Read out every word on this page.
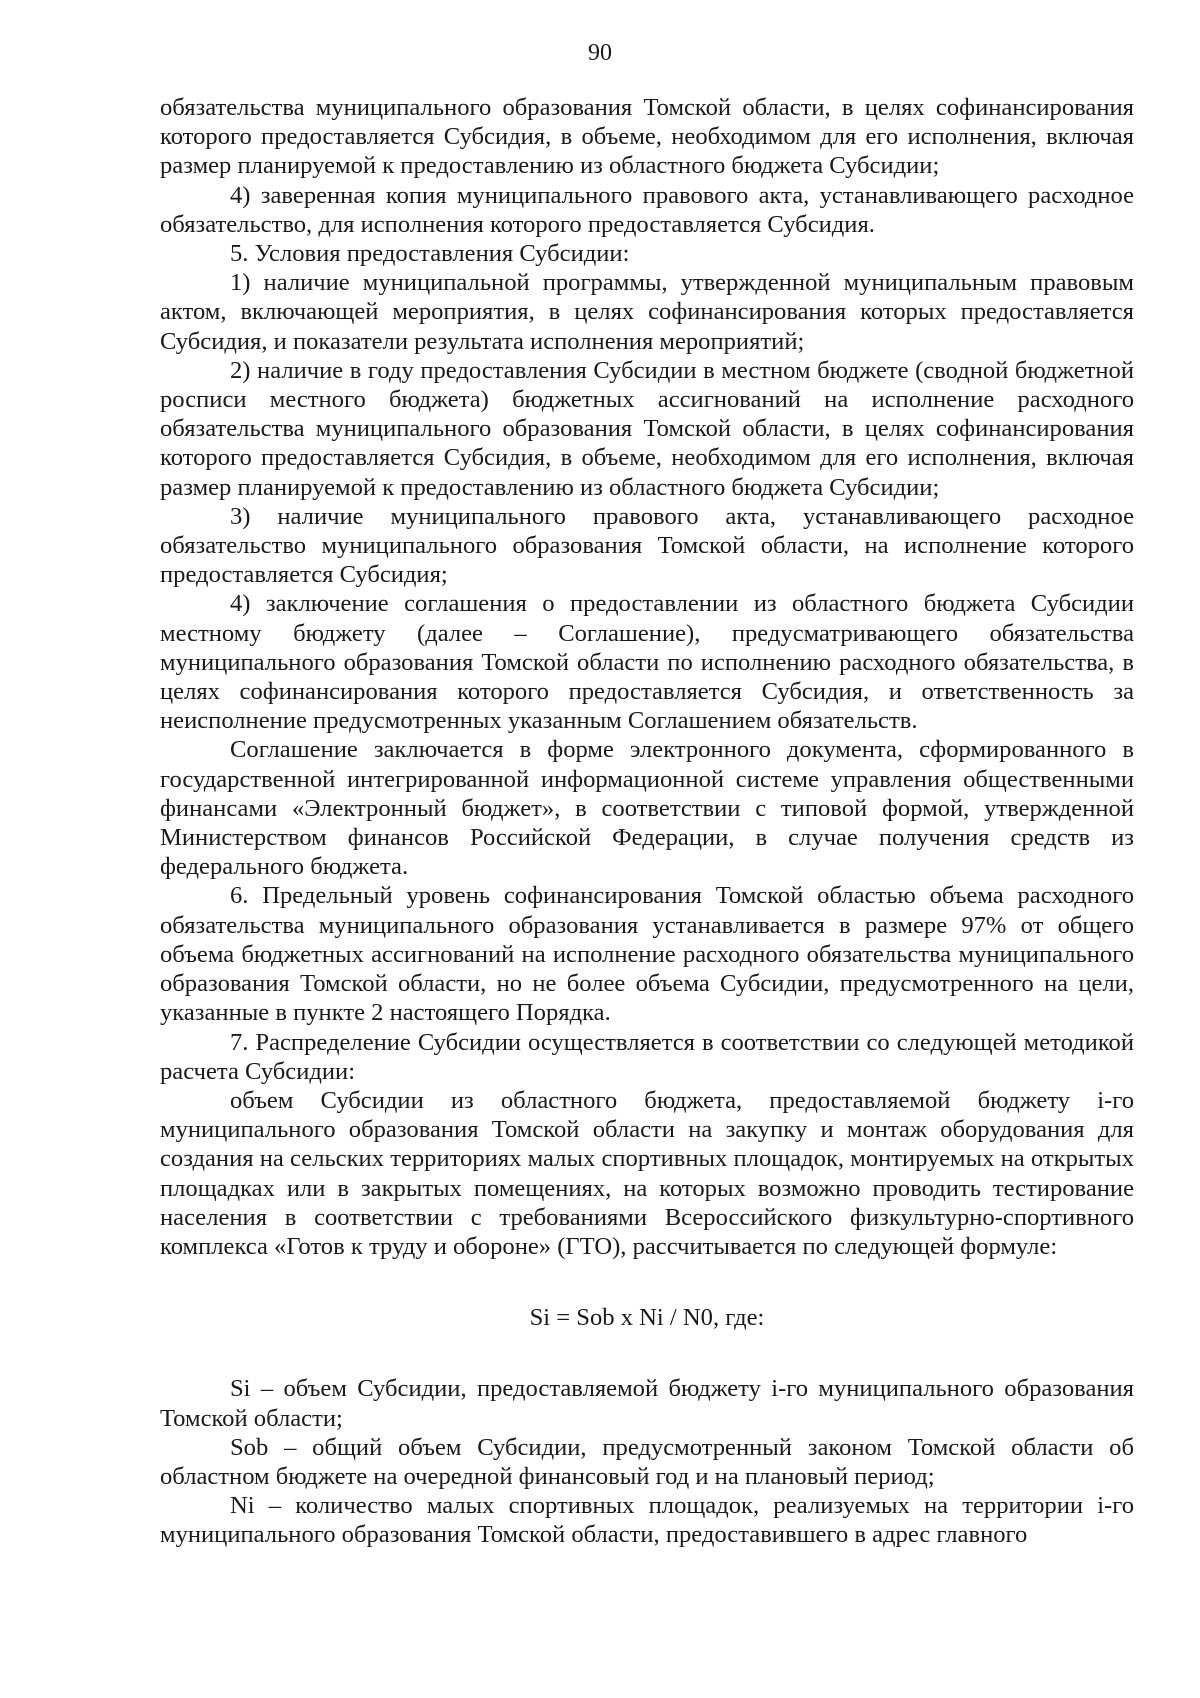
90

обязательства муниципального образования Томской области, в целях софинансирования которого предоставляется Субсидия, в объеме, необходимом для его исполнения, включая размер планируемой к предоставлению из областного бюджета Субсидии;

4) заверенная копия муниципального правового акта, устанавливающего расходное обязательство, для исполнения которого предоставляется Субсидия.

5. Условия предоставления Субсидии:

1) наличие муниципальной программы, утвержденной муниципальным правовым актом, включающей мероприятия, в целях софинансирования которых предоставляется Субсидия, и показатели результата исполнения мероприятий;

2) наличие в году предоставления Субсидии в местном бюджете (сводной бюджетной росписи местного бюджета) бюджетных ассигнований на исполнение расходного обязательства муниципального образования Томской области, в целях софинансирования которого предоставляется Субсидия, в объеме, необходимом для его исполнения, включая размер планируемой к предоставлению из областного бюджета Субсидии;

3) наличие муниципального правового акта, устанавливающего расходное обязательство муниципального образования Томской области, на исполнение которого предоставляется Субсидия;

4) заключение соглашения о предоставлении из областного бюджета Субсидии местному бюджету (далее – Соглашение), предусматривающего обязательства муниципального образования Томской области по исполнению расходного обязательства, в целях софинансирования которого предоставляется Субсидия, и ответственность за неисполнение предусмотренных указанным Соглашением обязательств.

Соглашение заключается в форме электронного документа, сформированного в государственной интегрированной информационной системе управления общественными финансами «Электронный бюджет», в соответствии с типовой формой, утвержденной Министерством финансов Российской Федерации, в случае получения средств из федерального бюджета.

6. Предельный уровень софинансирования Томской областью объема расходного обязательства муниципального образования устанавливается в размере 97% от общего объема бюджетных ассигнований на исполнение расходного обязательства муниципального образования Томской области, но не более объема Субсидии, предусмотренного на цели, указанные в пункте 2 настоящего Порядка.

7. Распределение Субсидии осуществляется в соответствии со следующей методикой расчета Субсидии:

объем Субсидии из областного бюджета, предоставляемой бюджету i-го муниципального образования Томской области на закупку и монтаж оборудования для создания на сельских территориях малых спортивных площадок, монтируемых на открытых площадках или в закрытых помещениях, на которых возможно проводить тестирование населения в соответствии с требованиями Всероссийского физкультурно-спортивного комплекса «Готов к труду и обороне» (ГТО), рассчитывается по следующей формуле:

Si = Sob x Ni / N0, где:

Si – объем Субсидии, предоставляемой бюджету i-го муниципального образования Томской области;

Sob – общий объем Субсидии, предусмотренный законом Томской области об областном бюджете на очередной финансовый год и на плановый период;

Ni – количество малых спортивных площадок, реализуемых на территории i-го муниципального образования Томской области, предоставившего в адрес главного
